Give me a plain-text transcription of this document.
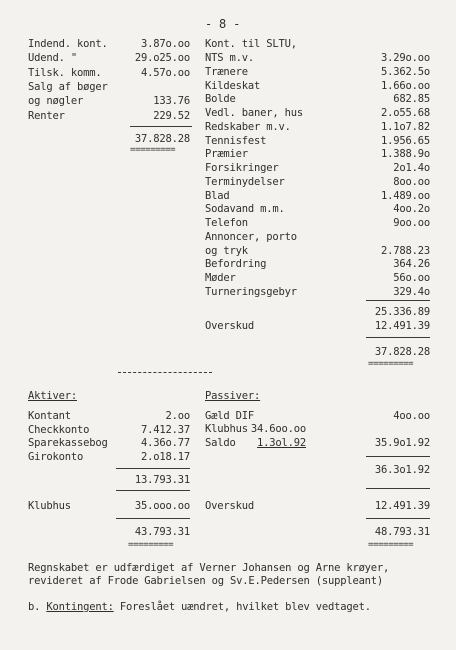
- 8 -
Indend. kont.	3.87o.oo
Udend. "	29.o25.oo
Tilsk. komm.	4.57o.oo
Salg af bøger
og nøgler	133.76
Renter	229.52
37.828.28
=========
Kont. til SLTU,
NTS m.v.	3.29o.oo
Trænere	5.362.5o
Kildeskat	1.66o.oo
Bolde	682.85
Vedl. baner, hus	2.o55.68
Redskaber m.v.	1.1o7.82
Tennisfest	1.956.65
Præmier	1.388.9o
Forsikringer	2o1.4o
Terminydelser	8oo.oo
Blad	1.489.oo
Sodavand m.m.	4oo.2o
Telefon	9oo.oo
Annoncer, porto
og tryk	2.788.23
Befordring	364.26
Møder	56o.oo
Turneringsgebyr	329.4o
25.336.89
Overskud	12.491.39
37.828.28
=========
Aktiver:
Kontant	2.oo
Checkkonto	7.412.37
Sparekassebog	4.36o.77
Girokonto	2.o18.17
13.793.31
Klubhus	35.ooo.oo
43.793.31
=========
Passiver:
Gæld DIF	4oo.oo
Klubhus 34.6oo.oo
Saldo	1.3ol.92	35.9o1.92
36.3o1.92
Overskud	12.491.39
48.793.31
=========
Regnskabet er udfærdiget af Verner Johansen og Arne krøyer,
revideret af Frode Gabrielsen og Sv.E.Pedersen (suppleant)
b. Kontingent: Foreslået uændret, hvilket blev vedtaget.
